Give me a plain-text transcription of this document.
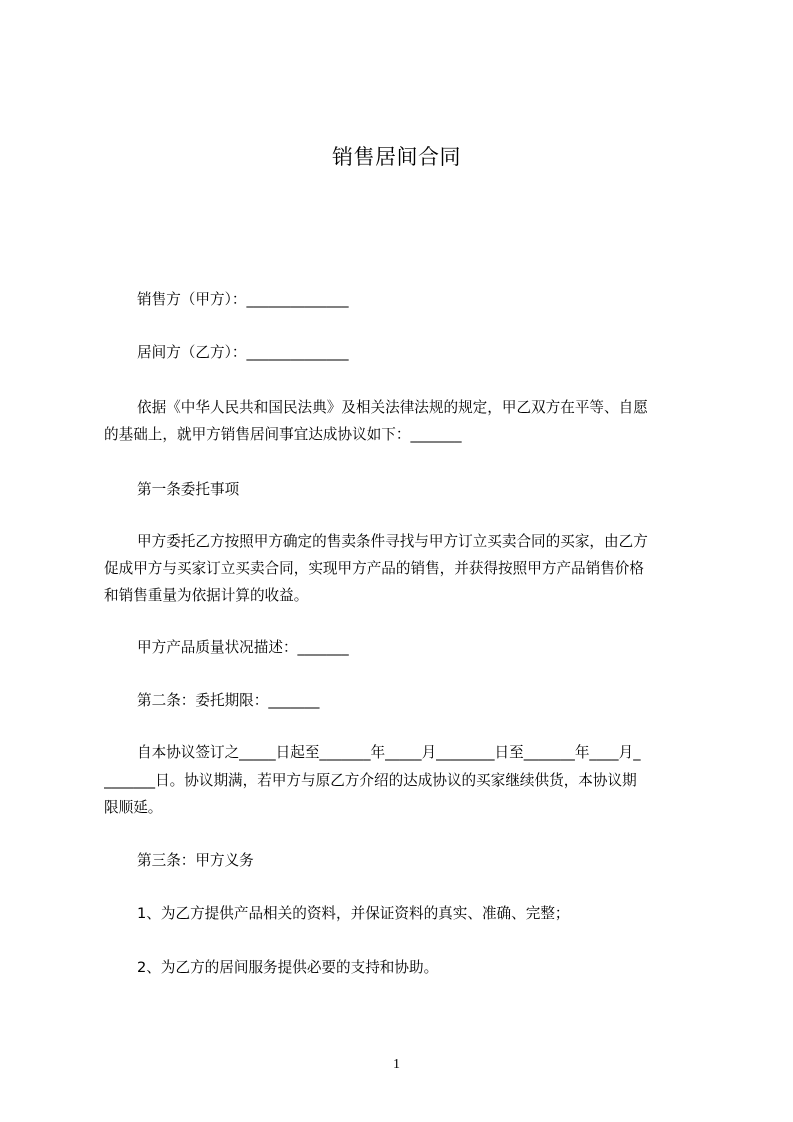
销售居间合同
销售方（甲方）：______________
居间方（乙方）：______________
依据《中华人民共和国民法典》及相关法律法规的规定，甲乙双方在平等、自愿
的基础上，就甲方销售居间事宜达成协议如下：_______
第一条委托事项
甲方委托乙方按照甲方确定的售卖条件寻找与甲方订立买卖合同的买家，由乙方
促成甲方与买家订立买卖合同，实现甲方产品的销售，并获得按照甲方产品销售价格
和销售重量为依据计算的收益。
甲方产品质量状况描述：_______
第二条：委托期限：_______
自本协议签订之_____日起至_______年_____月________日至_______年____月_
_______日。协议期满，若甲方与原乙方介绍的达成协议的买家继续供货，本协议期
限顺延。
第三条：甲方义务
1、为乙方提供产品相关的资料，并保证资料的真实、准确、完整；
2、为乙方的居间服务提供必要的支持和协助。
1
